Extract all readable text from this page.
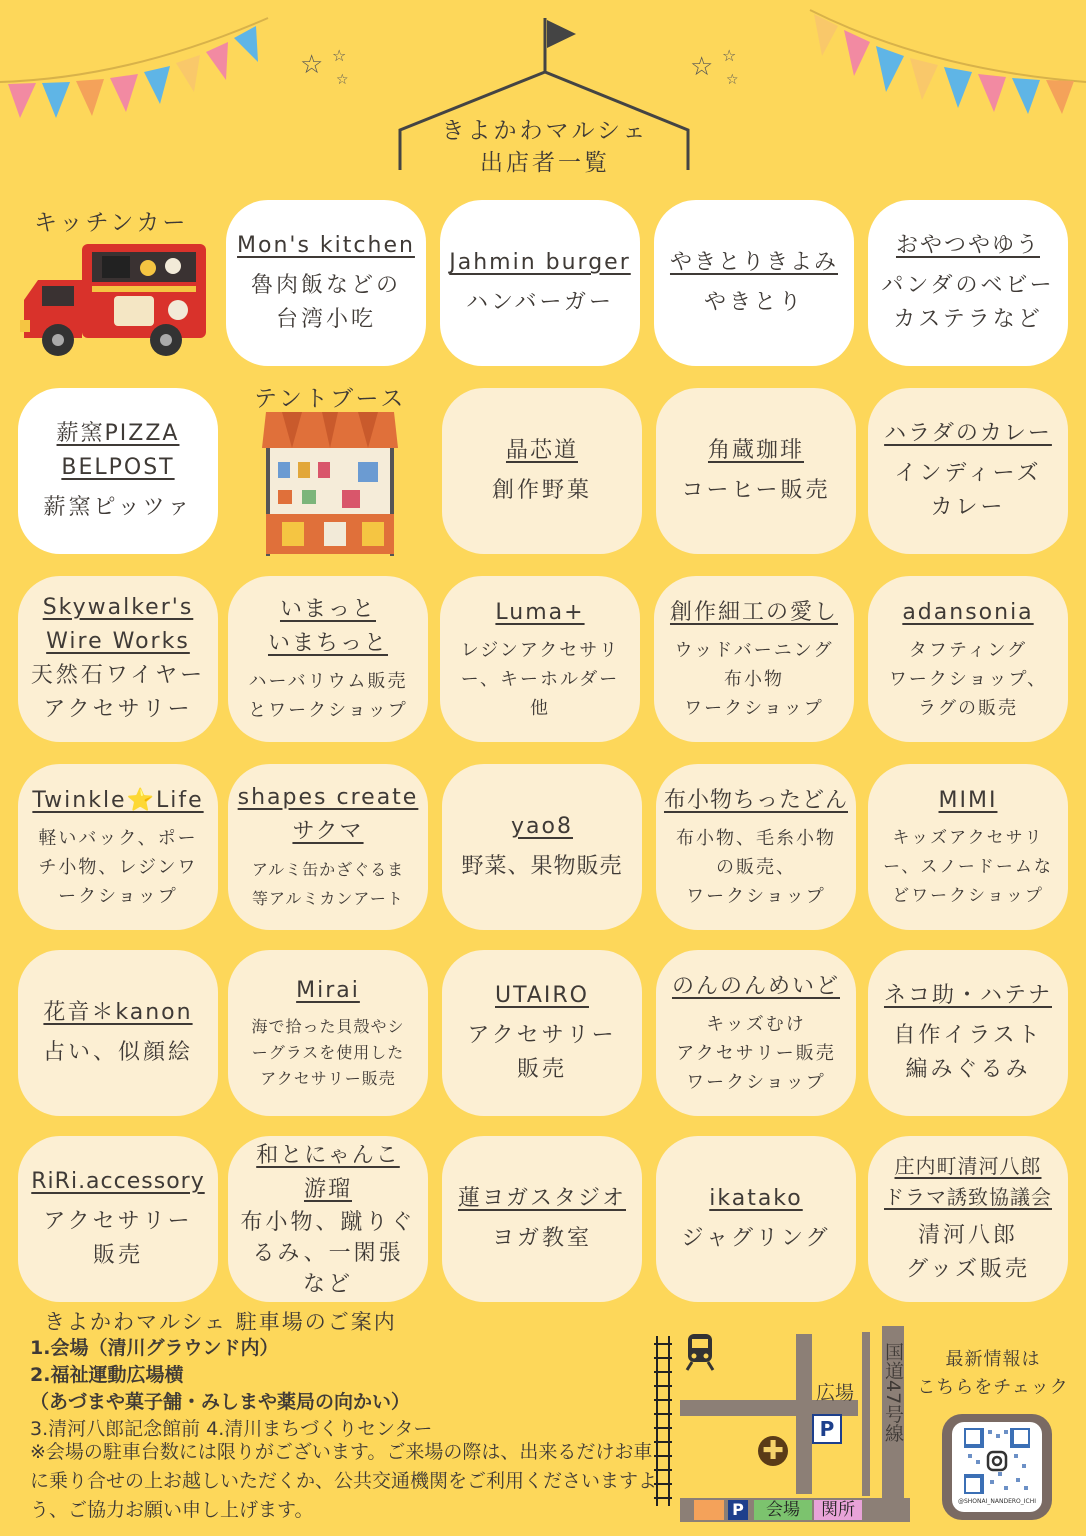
☆ ☆
☆	☆ ☆
☆
きよかわマルシェ
出店者一覧
キッチンカー
テントブース
Mon's kitchen
魯肉飯などの
台湾小吃
Jahmin burger
ハンバーガー
やきとりきよみ
やきとり
おやつやゆう
パンダのベビー
カステラなど
薪窯PIZZA
BELPOST
薪窯ピッツァ
晶芯道
創作野菓
角蔵珈琲
コーヒー販売
ハラダのカレー
インディーズ
カレー
Skywalker's
Wire Works
天然石ワイヤー
アクセサリー
いまっと
いまちっと
ハーバリウム販売
とワークショップ
Luma+
レジンアクセサリ
ー、キーホルダー
他
創作細工の愛し
ウッドバーニング
布小物
ワークショップ
adansonia
タフティング
ワークショップ、
ラグの販売
Twinkle⭐Life
軽いバック、ポー
チ小物、レジンワ
ークショップ
shapes create
サクマ
アルミ缶かざぐるま
等アルミカンアート
yao8
野菜、果物販売
布小物ちったどん
布小物、毛糸小物
の販売、
ワークショップ
MIMI
キッズアクセサリ
ー、スノードームな
どワークショップ
花音＊kanon
占い、似顔絵
Mirai
海で拾った貝殻やシ
ーグラスを使用した
アクセサリー販売
UTAIRO
アクセサリー
販売
のんのんめいど
キッズむけ
アクセサリー販売
ワークショップ
ネコ助・ハテナ
自作イラスト
編みぐるみ
RiRi.accessory
アクセサリー
販売
和とにゃんこ
游瑠
布小物、蹴りぐ
るみ、一閑張
など
蓮ヨガスタジオ
ヨガ教室
ikatako
ジャグリング
庄内町清河八郎
ドラマ誘致協議会
清河八郎
グッズ販売
きよかわマルシェ 駐車場のご案内
1.会場（清川グラウンド内）
2.福祉運動広場横
（あづまや菓子舗・みしまや薬局の向かい）
3.清河八郎記念館前 4.清川まちづくりセンター
※会場の駐車台数には限りがございます。ご来場の際は、出来るだけお車に乗り合せの上お越しいただくか、公共交通機関をご利用くださいますよう、ご協力お願い申し上げます。
広場
P
✚
国道47号線
P	会場	関所
最新情報は
こちらをチェック
@SHONAI_NANDERO_ICHI
